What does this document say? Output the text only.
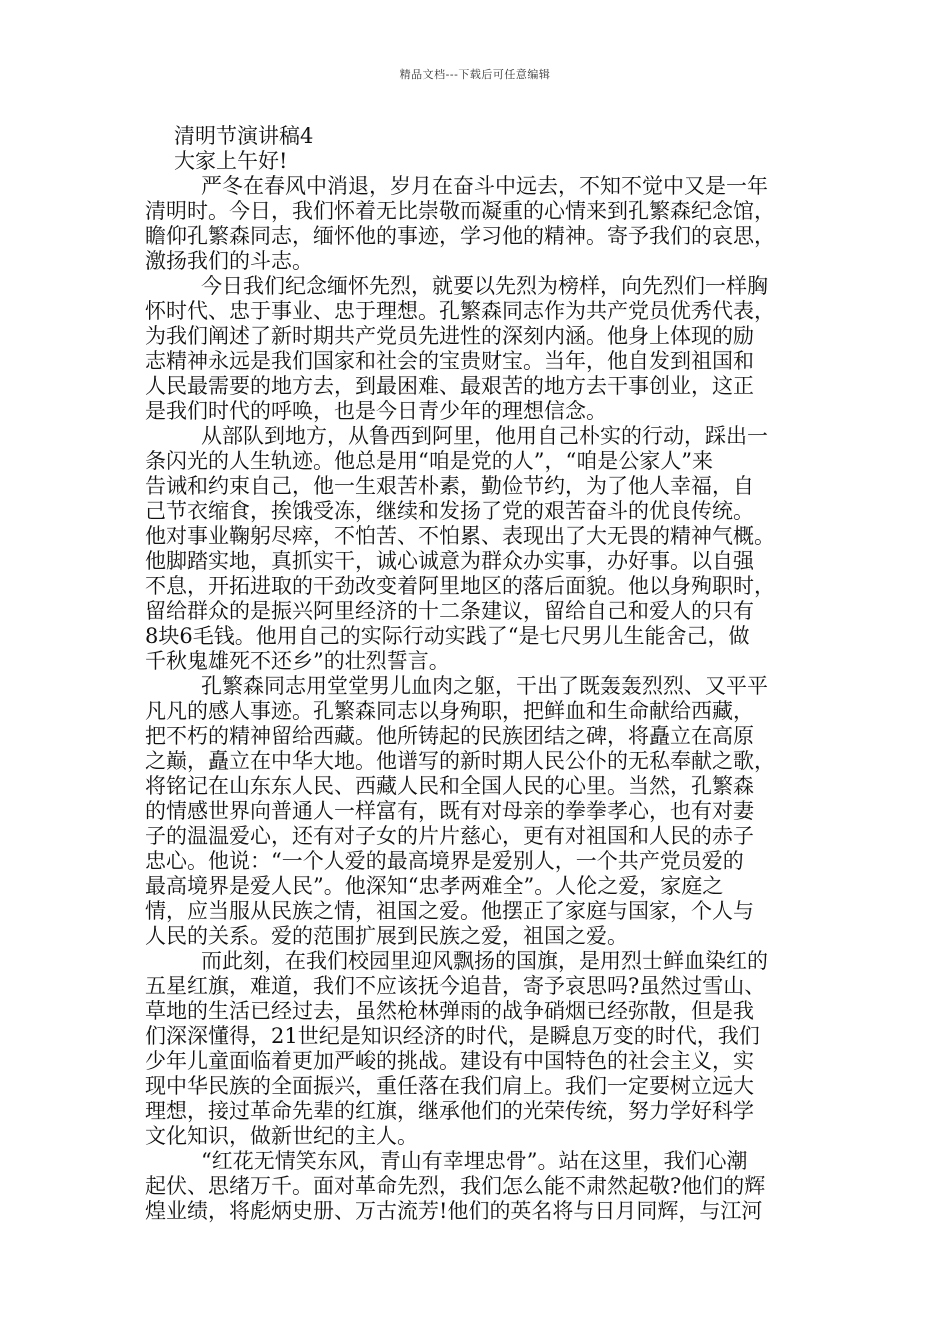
精品文档---下载后可任意编辑
清明节演讲稿4
大家上午好!
严冬在春风中消退，岁月在奋斗中远去，不知不觉中又是一年
清明时。今日，我们怀着无比崇敬而凝重的心情来到孔繁森纪念馆，
瞻仰孔繁森同志，缅怀他的事迹，学习他的精神。寄予我们的哀思，
激扬我们的斗志。
今日我们纪念缅怀先烈，就要以先烈为榜样，向先烈们一样胸
怀时代、忠于事业、忠于理想。孔繁森同志作为共产党员优秀代表，
为我们阐述了新时期共产党员先进性的深刻内涵。他身上体现的励
志精神永远是我们国家和社会的宝贵财宝。当年，他自发到祖国和
人民最需要的地方去，到最困难、最艰苦的地方去干事创业，这正
是我们时代的呼唤，也是今日青少年的理想信念。
从部队到地方，从鲁西到阿里，他用自己朴实的行动，踩出一
条闪光的人生轨迹。他总是用“咱是党的人”，“咱是公家人”来
告诫和约束自己，他一生艰苦朴素，勤俭节约，为了他人幸福，自
己节衣缩食，挨饿受冻，继续和发扬了党的艰苦奋斗的优良传统。
他对事业鞠躬尽瘁，不怕苦、不怕累、表现出了大无畏的精神气概。
他脚踏实地，真抓实干，诚心诚意为群众办实事，办好事。以自强
不息，开拓进取的干劲改变着阿里地区的落后面貌。他以身殉职时，
留给群众的是振兴阿里经济的十二条建议，留给自己和爱人的只有
8块6毛钱。他用自己的实际行动实践了“是七尺男儿生能舍己，做
千秋鬼雄死不还乡”的壮烈誓言。
孔繁森同志用堂堂男儿血肉之躯，干出了既轰轰烈烈、又平平
凡凡的感人事迹。孔繁森同志以身殉职，把鲜血和生命献给西藏，
把不朽的精神留给西藏。他所铸起的民族团结之碑，将矗立在高原
之巅，矗立在中华大地。他谱写的新时期人民公仆的无私奉献之歌，
将铭记在山东东人民、西藏人民和全国人民的心里。当然，孔繁森
的情感世界向普通人一样富有，既有对母亲的拳拳孝心，也有对妻
子的温温爱心，还有对子女的片片慈心，更有对祖国和人民的赤子
忠心。他说：“一个人爱的最高境界是爱别人，一个共产党员爱的
最高境界是爱人民”。他深知“忠孝两难全”。人伦之爱，家庭之
情，应当服从民族之情，祖国之爱。他摆正了家庭与国家，个人与
人民的关系。爱的范围扩展到民族之爱，祖国之爱。
而此刻，在我们校园里迎风飘扬的国旗，是用烈士鲜血染红的
五星红旗，难道，我们不应该抚今追昔，寄予哀思吗?虽然过雪山、
草地的生活已经过去，虽然枪林弹雨的战争硝烟已经弥散，但是我
们深深懂得，21世纪是知识经济的时代，是瞬息万变的时代，我们
少年儿童面临着更加严峻的挑战。建设有中国特色的社会主义，实
现中华民族的全面振兴，重任落在我们肩上。我们一定要树立远大
理想，接过革命先辈的红旗，继承他们的光荣传统，努力学好科学
文化知识，做新世纪的主人。
“红花无情笑东风，青山有幸埋忠骨”。站在这里，我们心潮
起伏、思绪万千。面对革命先烈，我们怎么能不肃然起敬?他们的辉
煌业绩，将彪炳史册、万古流芳!他们的英名将与日月同辉，与江河
